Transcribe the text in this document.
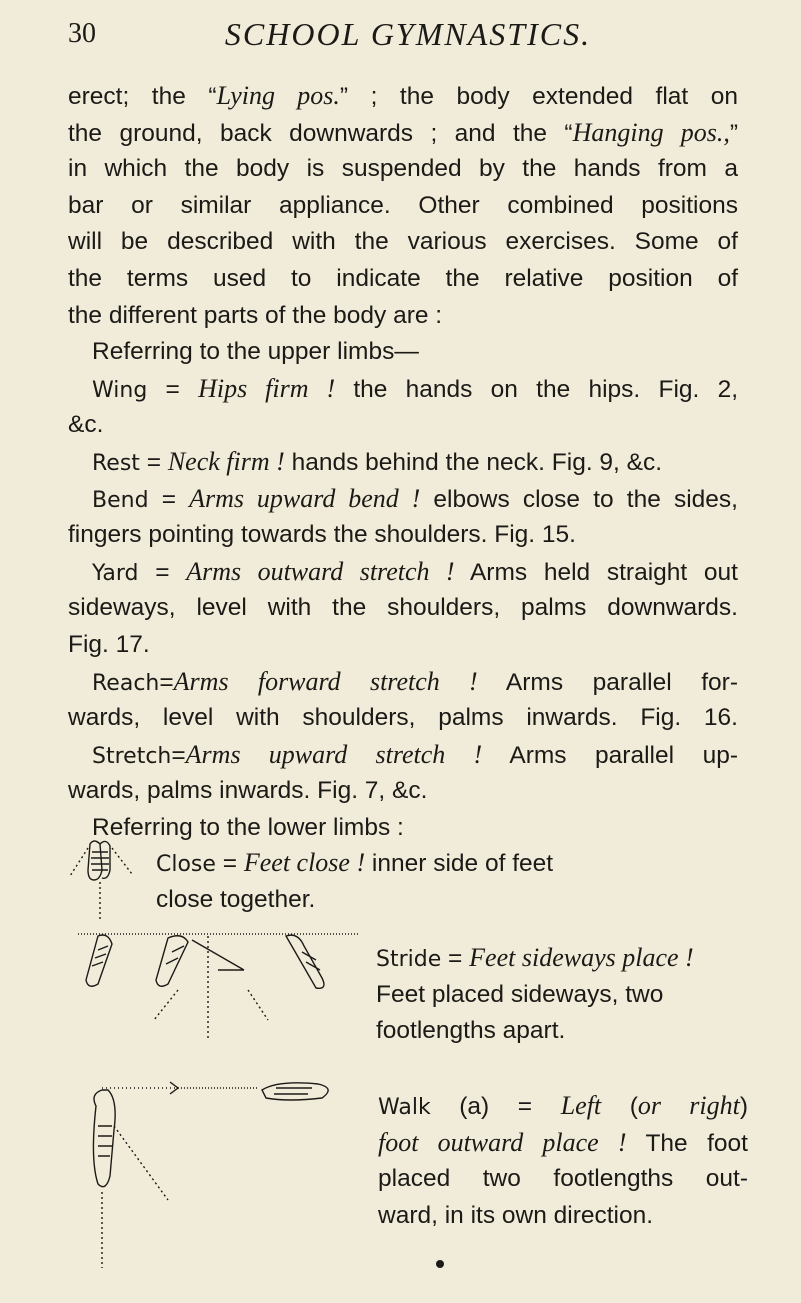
30	SCHOOL GYMNASTICS.
erect; the “Lying pos.” ; the body extended flat on
the ground, back downwards ; and the “Hanging pos.,”
in which the body is suspended by the hands from a
bar or similar appliance. Other combined positions
will be described with the various exercises. Some of
the terms used to indicate the relative position of
the different parts of the body are :
Referring to the upper limbs—
Wing = Hips firm ! the hands on the hips. Fig. 2,
&c.
Rest = Neck firm ! hands behind the neck. Fig. 9, &c.
Bend = Arms upward bend ! elbows close to the sides,
fingers pointing towards the shoulders. Fig. 15.
Yard = Arms outward stretch ! Arms held straight out
sideways, level with the shoulders, palms downwards.
Fig. 17.
Reach=Arms forward stretch ! Arms parallel for-
wards, level with shoulders, palms inwards. Fig. 16.
Stretch=Arms upward stretch ! Arms parallel up-
wards, palms inwards. Fig. 7, &c.
Referring to the lower limbs :
Close = Feet close ! inner side of feet
close together.
Stride = Feet sideways place !
Feet placed sideways, two
footlengths apart.
Walk (a) = Left (or right)
foot outward place ! The foot
placed two footlengths out-
ward, in its own direction.
